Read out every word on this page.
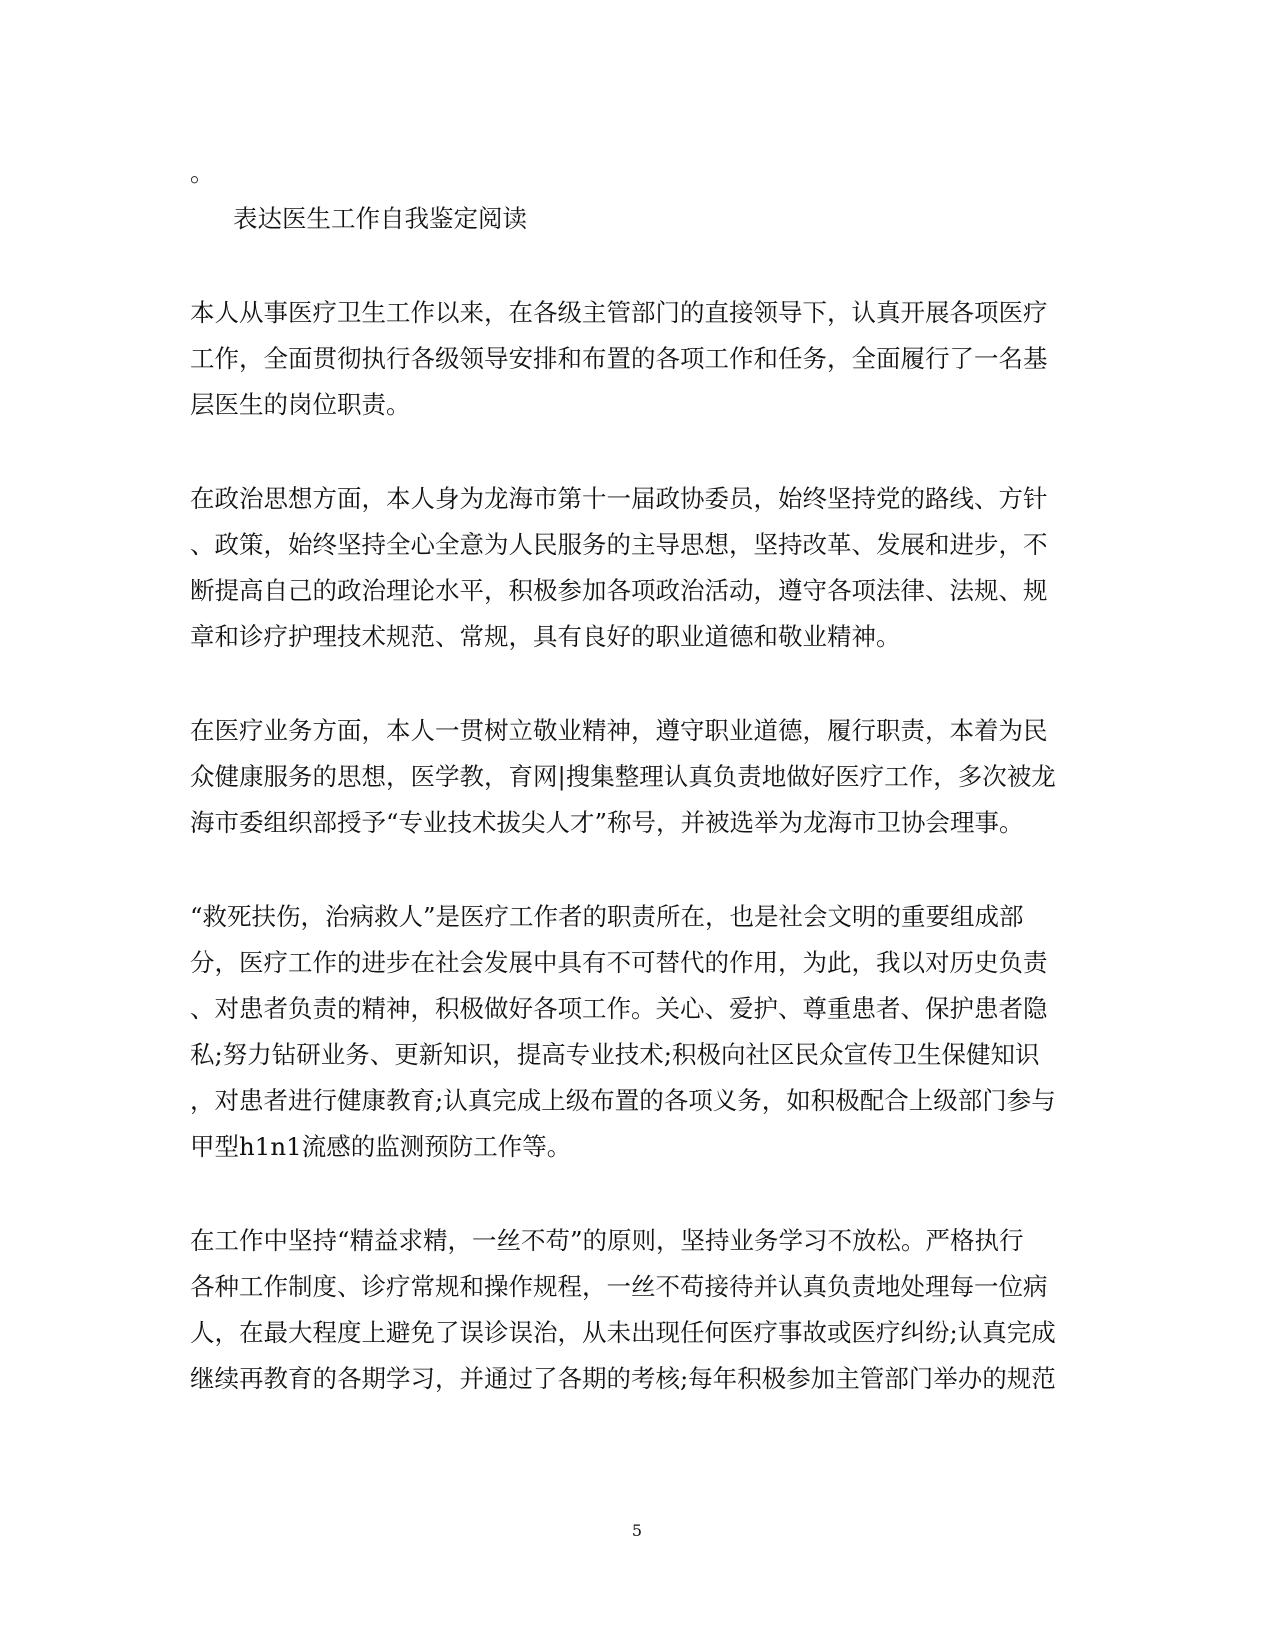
。

表达医生工作自我鉴定阅读

本人从事医疗卫生工作以来，在各级主管部门的直接领导下，认真开展各项医疗

工作，全面贯彻执行各级领导安排和布置的各项工作和任务，全面履行了一名基

层医生的岗位职责。

在政治思想方面，本人身为龙海市第十一届政协委员，始终坚持党的路线、方针

、政策，始终坚持全心全意为人民服务的主导思想，坚持改革、发展和进步，不

断提高自己的政治理论水平，积极参加各项政治活动，遵守各项法律、法规、规

章和诊疗护理技术规范、常规，具有良好的职业道德和敬业精神。

在医疗业务方面，本人一贯树立敬业精神，遵守职业道德，履行职责，本着为民

众健康服务的思想，医学教，育网|搜集整理认真负责地做好医疗工作，多次被龙

海市委组织部授予“专业技术拔尖人才”称号，并被选举为龙海市卫协会理事。

“救死扶伤，治病救人”是医疗工作者的职责所在，也是社会文明的重要组成部

分，医疗工作的进步在社会发展中具有不可替代的作用，为此，我以对历史负责

、对患者负责的精神，积极做好各项工作。关心、爱护、尊重患者、保护患者隐

私;努力钻研业务、更新知识，提高专业技术;积极向社区民众宣传卫生保健知识

，对患者进行健康教育;认真完成上级布置的各项义务，如积极配合上级部门参与

甲型h1n1流感的监测预防工作等。

在工作中坚持“精益求精，一丝不苟”的原则，坚持业务学习不放松。严格执行

各种工作制度、诊疗常规和操作规程，一丝不苟接待并认真负责地处理每一位病

人，在最大程度上避免了误诊误治，从未出现任何医疗事故或医疗纠纷;认真完成

继续再教育的各期学习，并通过了各期的考核;每年积极参加主管部门举办的规范

5
